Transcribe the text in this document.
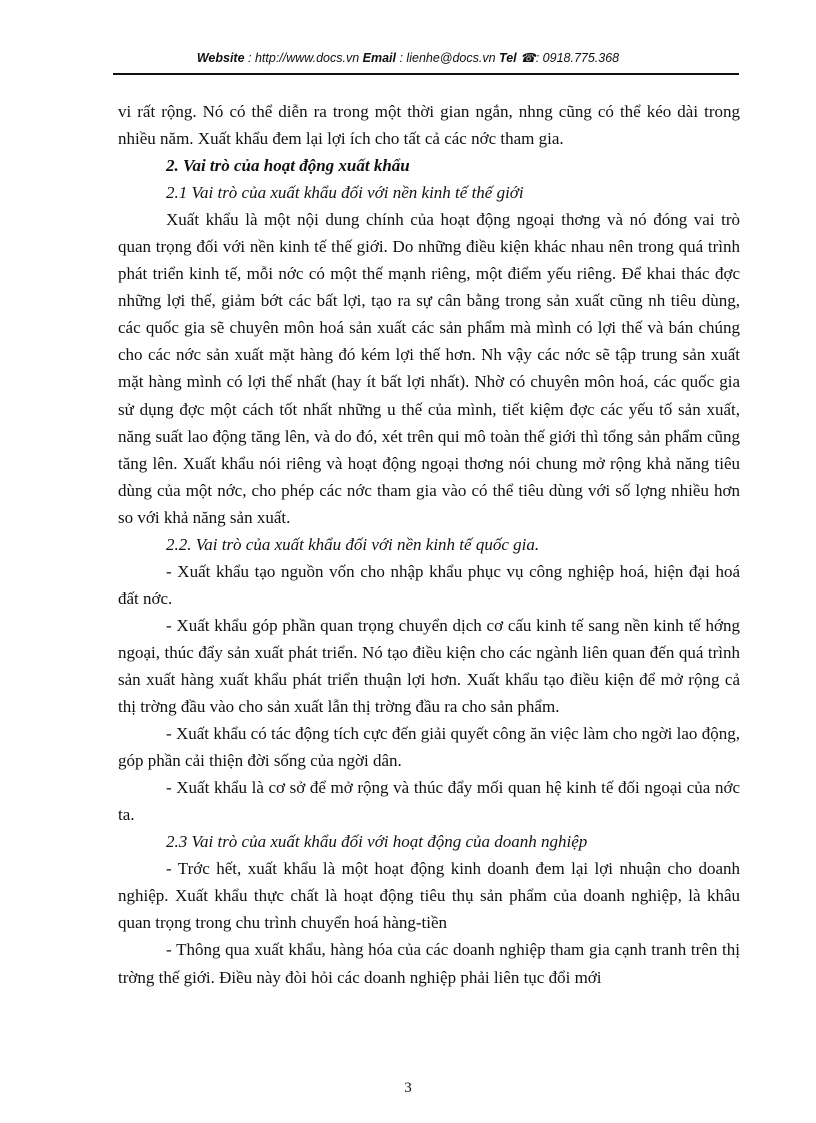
Website : http://www.docs.vn Email : lienhe@docs.vn Tel ☎: 0918.775.368

vi rất rộng. Nó có thể diễn ra trong một thời gian ngắn, nhng cũng có thể kéo dài trong nhiều năm. Xuất khẩu đem lại lợi ích cho tất cả các nớc tham gia.

2. Vai trò của hoạt động xuất khẩu

2.1 Vai trò của xuất khẩu đối với nền kinh tế thế giới

Xuất khẩu là một nội dung chính của hoạt động ngoại thơng và nó đóng vai trò quan trọng đối với nền kinh tế thế giới. Do những điều kiện khác nhau nên trong quá trình phát triển kinh tế, mỗi nớc có một thế mạnh riêng, một điểm yếu riêng. Để khai thác đợc những lợi thế, giảm bớt các bất lợi, tạo ra sự cân bằng trong sản xuất cũng nh tiêu dùng, các quốc gia sẽ chuyên môn hoá sản xuất các sản phẩm mà mình có lợi thế và bán chúng cho các nớc sản xuất mặt hàng đó kém lợi thế hơn. Nh vậy các nớc sẽ tập trung sản xuất mặt hàng mình có lợi thế nhất (hay ít bất lợi nhất). Nhờ có chuyên môn hoá, các quốc gia sử dụng đợc một cách tốt nhất những u thế của mình, tiết kiệm đợc các yếu tố sản xuất, năng suất lao động tăng lên, và do đó, xét trên qui mô toàn thế giới thì tổng sản phẩm cũng tăng lên. Xuất khẩu nói riêng và hoạt động ngoại thơng nói chung mở rộng khả năng tiêu dùng của một nớc, cho phép các nớc tham gia vào có thể tiêu dùng với số lợng nhiều hơn so với khả năng sản xuất.

2.2. Vai trò của xuất khẩu đối với nền kinh tế quốc gia.

- Xuất khẩu tạo nguồn vốn cho nhập khẩu phục vụ công nghiệp hoá, hiện đại hoá đất nớc.

- Xuất khẩu góp phần quan trọng chuyển dịch cơ cấu kinh tế sang nền kinh tế hớng ngoại, thúc đẩy sản xuất phát triển. Nó tạo điều kiện cho các ngành liên quan đến quá trình sản xuất hàng xuất khẩu phát triển thuận lợi hơn. Xuất khẩu tạo điều kiện để mở rộng cả thị trờng đầu vào cho sản xuất lẫn thị trờng đầu ra cho sản phẩm.

- Xuất khẩu có tác động tích cực đến giải quyết công ăn việc làm cho ngời lao động, góp phần cải thiện đời sống của ngời dân.

- Xuất khẩu là cơ sở để mở rộng và thúc đẩy mối quan hệ kinh tế đối ngoại của nớc ta.

2.3 Vai trò của xuất khẩu đối với hoạt động của doanh nghiệp

- Trớc hết, xuất khẩu là một hoạt động kinh doanh đem lại lợi nhuận cho doanh nghiệp. Xuất khẩu thực chất là hoạt động tiêu thụ sản phẩm của doanh nghiệp, là khâu quan trọng trong chu trình chuyển hoá hàng-tiền

- Thông qua xuất khẩu, hàng hóa của các doanh nghiệp tham gia cạnh tranh trên thị trờng thế giới. Điều này đòi hỏi các doanh nghiệp phải liên tục đổi mới

3
